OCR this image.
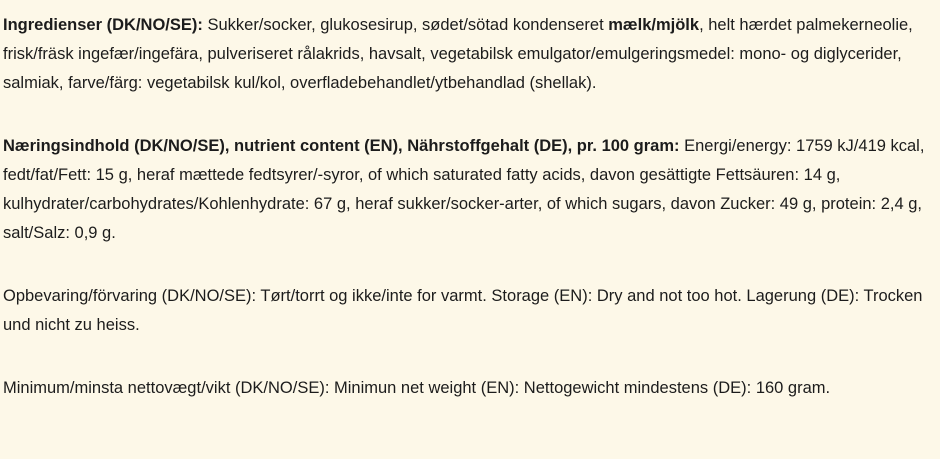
Ingredienser (DK/NO/SE): Sukker/socker, glukosesirup, sødet/sötad kondenseret mælk/mjölk, helt hærdet palmekerneolie, frisk/fräsk ingefær/ingefära, pulveriseret rålakrids, havsalt, vegetabilsk emulgator/emulgeringsmedel: mono- og diglycerider, salmiak, farve/färg: vegetabilsk kul/kol, overfladebehandlet/ytbehandlad (shellak).

Næringsindhold (DK/NO/SE), nutrient content (EN), Nährstoffgehalt (DE), pr. 100 gram: Energi/energy: 1759 kJ/419 kcal, fedt/fat/Fett: 15 g, heraf mættede fedtsyrer/-syror, of which saturated fatty acids, davon gesättigte Fettsäuren: 14 g, kulhydrater/carbohydrates/Kohlenhydrate: 67 g, heraf sukker/socker-arter, of which sugars, davon Zucker: 49 g, protein: 2,4 g, salt/Salz: 0,9 g.

Opbevaring/förvaring (DK/NO/SE): Tørt/torrt og ikke/inte for varmt. Storage (EN): Dry and not too hot. Lagerung (DE): Trocken und nicht zu heiss.

Minimum/minsta nettovægt/vikt (DK/NO/SE): Minimun net weight (EN): Nettogewicht mindestens (DE): 160 gram.
